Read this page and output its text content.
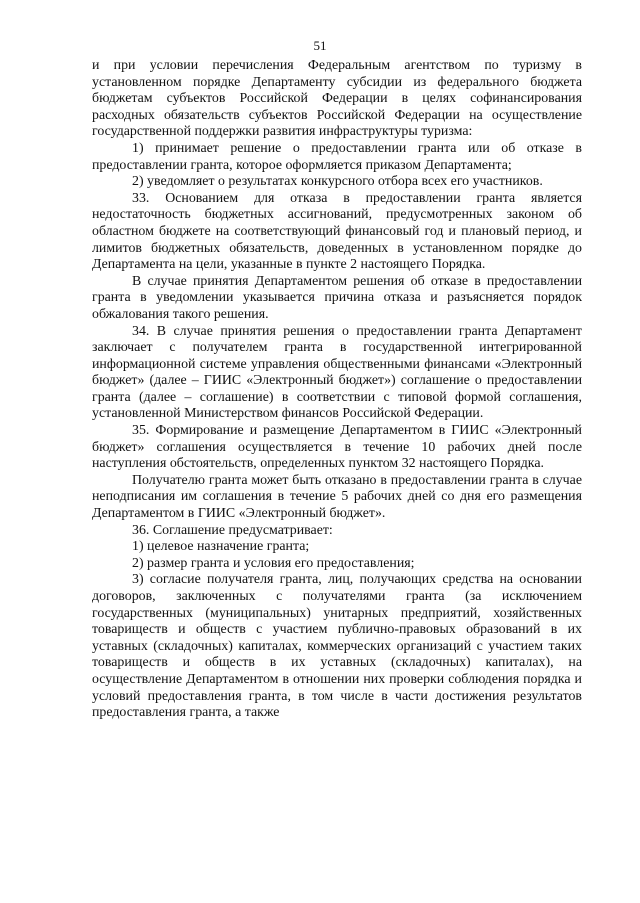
51

и при условии перечисления Федеральным агентством по туризму в установленном порядке Департаменту субсидии из федерального бюджета бюджетам субъектов Российской Федерации в целях софинансирования расходных обязательств субъектов Российской Федерации на осуществление государственной поддержки развития инфраструктуры туризма:

1) принимает решение о предоставлении гранта или об отказе в предоставлении гранта, которое оформляется приказом Департамента;

2) уведомляет о результатах конкурсного отбора всех его участников.

33. Основанием для отказа в предоставлении гранта является недостаточность бюджетных ассигнований, предусмотренных законом об областном бюджете на соответствующий финансовый год и плановый период, и лимитов бюджетных обязательств, доведенных в установленном порядке до Департамента на цели, указанные в пункте 2 настоящего Порядка.

В случае принятия Департаментом решения об отказе в предоставлении гранта в уведомлении указывается причина отказа и разъясняется порядок обжалования такого решения.

34. В случае принятия решения о предоставлении гранта Департамент заключает с получателем гранта в государственной интегрированной информационной системе управления общественными финансами «Электронный бюджет» (далее – ГИИС «Электронный бюджет») соглашение о предоставлении гранта (далее – соглашение) в соответствии с типовой формой соглашения, установленной Министерством финансов Российской Федерации.

35. Формирование и размещение Департаментом в ГИИС «Электронный бюджет» соглашения осуществляется в течение 10 рабочих дней после наступления обстоятельств, определенных пунктом 32 настоящего Порядка.

Получателю гранта может быть отказано в предоставлении гранта в случае неподписания им соглашения в течение 5 рабочих дней со дня его размещения Департаментом в ГИИС «Электронный бюджет».

36. Соглашение предусматривает:

1) целевое назначение гранта;

2) размер гранта и условия его предоставления;

3) согласие получателя гранта, лиц, получающих средства на основании договоров, заключенных с получателями гранта (за исключением государственных (муниципальных) унитарных предприятий, хозяйственных товариществ и обществ с участием публично-правовых образований в их уставных (складочных) капиталах, коммерческих организаций с участием таких товариществ и обществ в их уставных (складочных) капиталах), на осуществление Департаментом в отношении них проверки соблюдения порядка и условий предоставления гранта, в том числе в части достижения результатов предоставления гранта, а также
